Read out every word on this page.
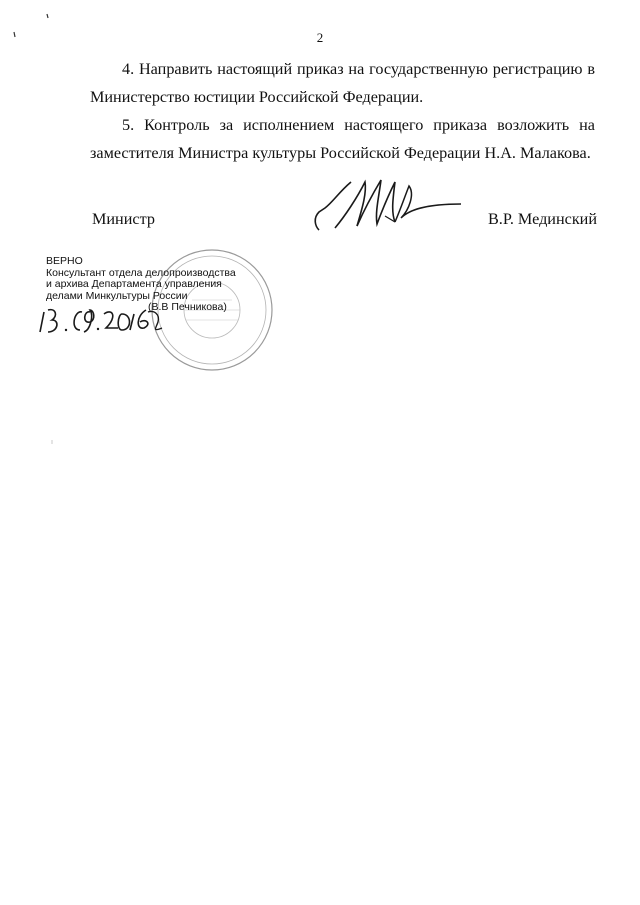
2

4. Направить настоящий приказ на государственную регистрацию в Министерство юстиции Российской Федерации.

5. Контроль за исполнением настоящего приказа возложить на заместителя Министра культуры Российской Федерации Н.А. Малакова.

Министр	В.Р. Мединский
ВЕРНО
Консультант отдела делопроизводства
и архива Департамента управления
делами Минкультуры России
(В.В Печникова)
